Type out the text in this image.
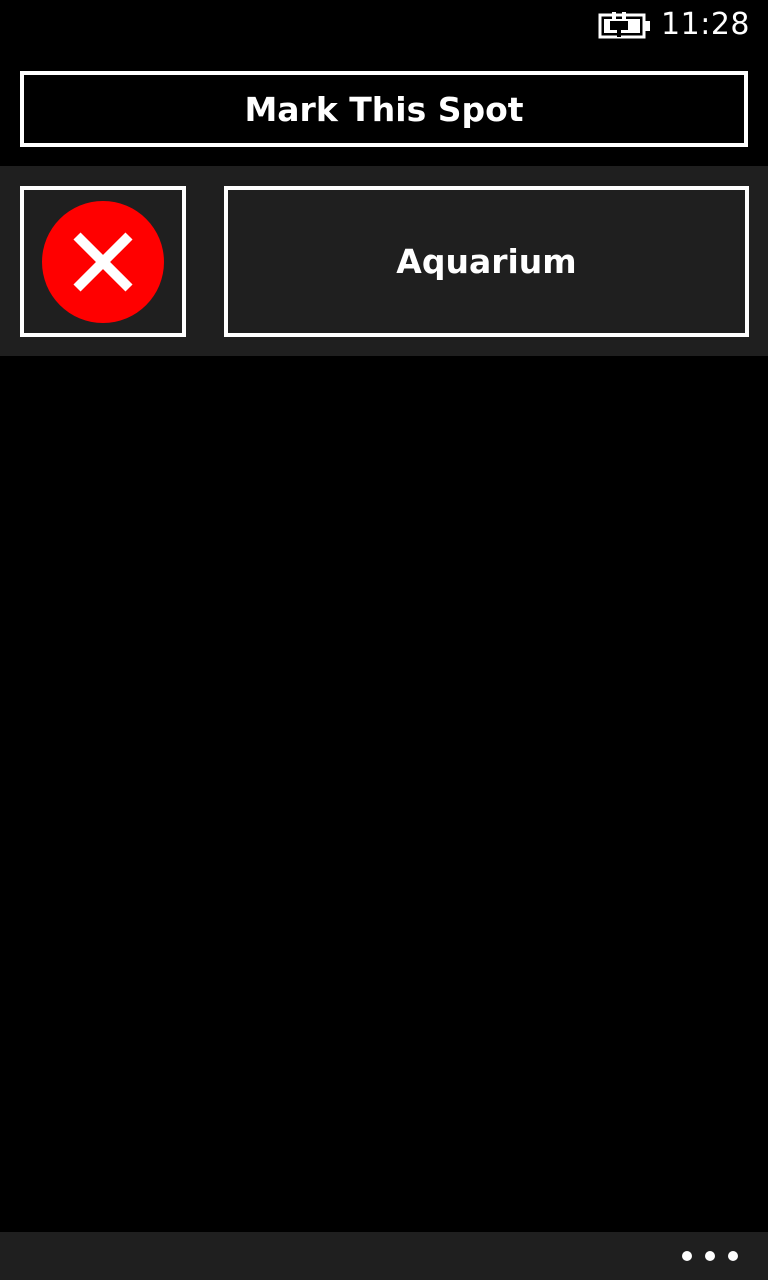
11:28
Mark This Spot
Aquarium
